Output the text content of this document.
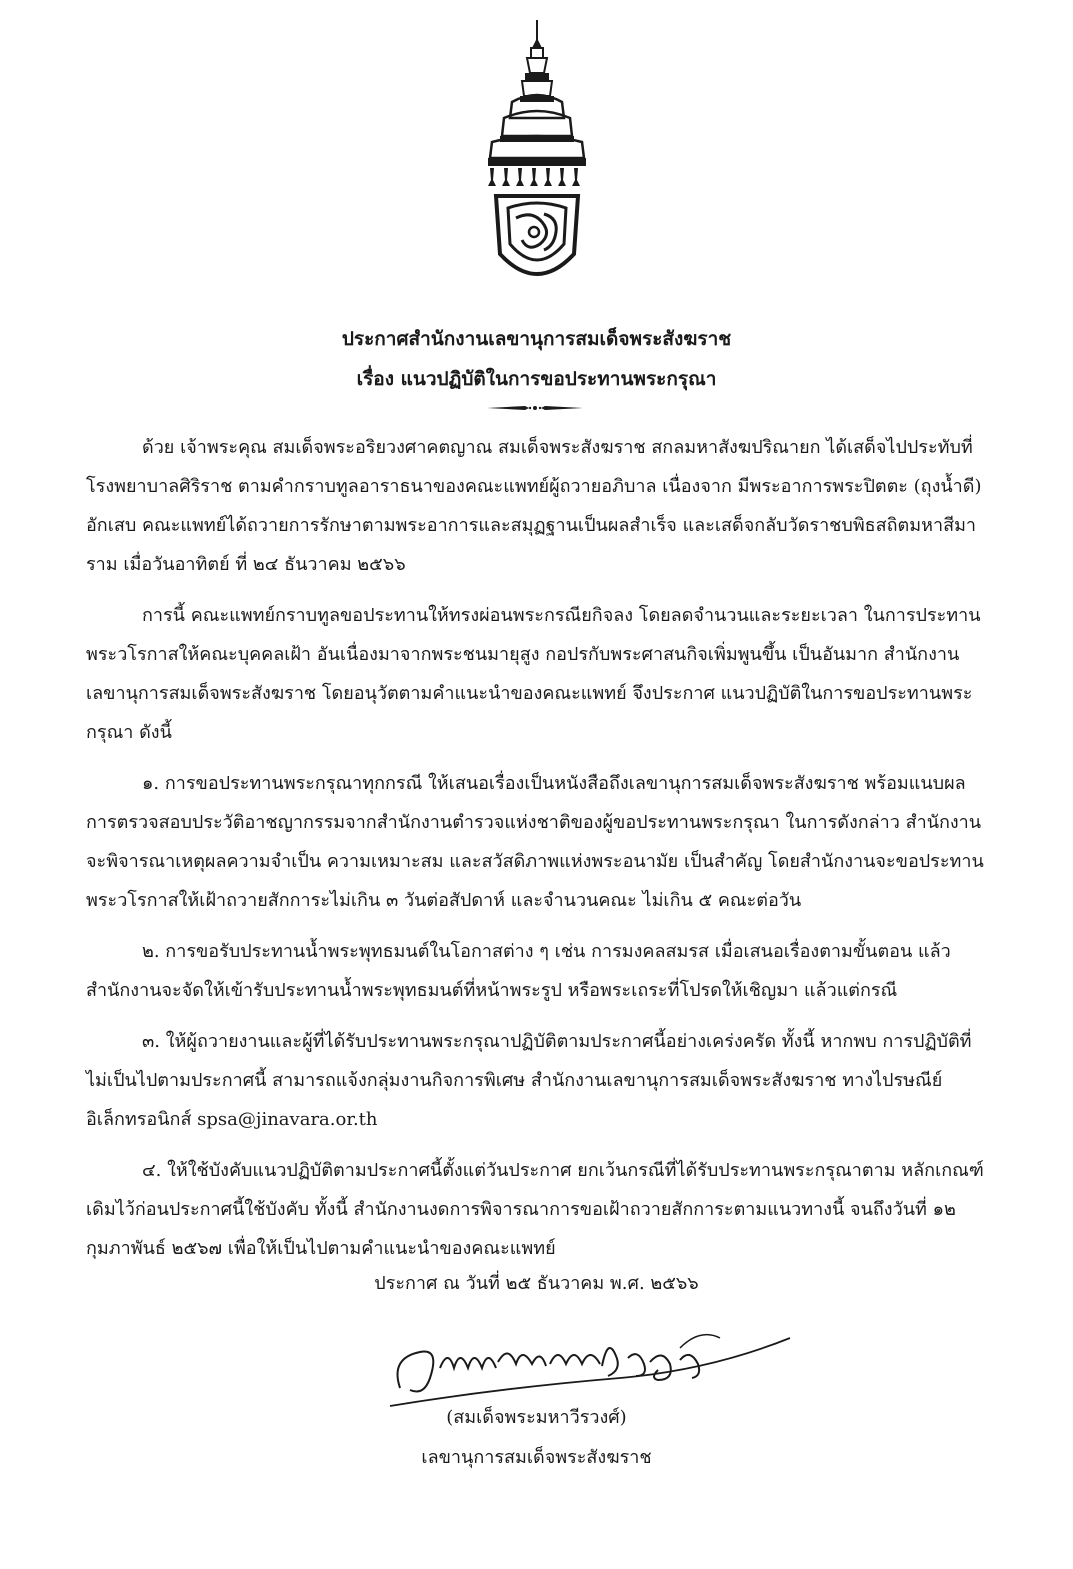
ประกาศสำนักงานเลขานุการสมเด็จพระสังฆราช
เรื่อง แนวปฏิบัติในการขอประทานพระกรุณา

ด้วย เจ้าพระคุณ สมเด็จพระอริยวงศาคตญาณ สมเด็จพระสังฆราช สกลมหาสังฆปริณายก ได้เสด็จไปประทับที่โรงพยาบาลศิริราช ตามคำกราบทูลอาราธนาของคณะแพทย์ผู้ถวายอภิบาล เนื่องจาก มีพระอาการพระปิตตะ (ถุงน้ำดี) อักเสบ คณะแพทย์ได้ถวายการรักษาตามพระอาการและสมุฏฐานเป็นผลสำเร็จ และเสด็จกลับวัดราชบพิธสถิตมหาสีมาราม เมื่อวันอาทิตย์ ที่ ๒๔ ธันวาคม ๒๕๖๖

การนี้ คณะแพทย์กราบทูลขอประทานให้ทรงผ่อนพระกรณียกิจลง โดยลดจำนวนและระยะเวลา ในการประทานพระวโรกาสให้คณะบุคคลเฝ้า อันเนื่องมาจากพระชนมายุสูง กอปรกับพระศาสนกิจเพิ่มพูนขึ้น เป็นอันมาก สำนักงานเลขานุการสมเด็จพระสังฆราช โดยอนุวัตตามคำแนะนำของคณะแพทย์ จึงประกาศ แนวปฏิบัติในการขอประทานพระกรุณา ดังนี้

๑. การขอประทานพระกรุณาทุกกรณี ให้เสนอเรื่องเป็นหนังสือถึงเลขานุการสมเด็จพระสังฆราช พร้อมแนบผลการตรวจสอบประวัติอาชญากรรมจากสำนักงานตำรวจแห่งชาติของผู้ขอประทานพระกรุณา ในการดังกล่าว สำนักงานจะพิจารณาเหตุผลความจำเป็น ความเหมาะสม และสวัสดิภาพแห่งพระอนามัย เป็นสำคัญ โดยสำนักงานจะขอประทานพระวโรกาสให้เฝ้าถวายสักการะไม่เกิน ๓ วันต่อสัปดาห์ และจำนวนคณะ ไม่เกิน ๕ คณะต่อวัน

๒. การขอรับประทานน้ำพระพุทธมนต์ในโอกาสต่าง ๆ เช่น การมงคลสมรส เมื่อเสนอเรื่องตามขั้นตอน แล้ว สำนักงานจะจัดให้เข้ารับประทานน้ำพระพุทธมนต์ที่หน้าพระรูป หรือพระเถระที่โปรดให้เชิญมา แล้วแต่กรณี

๓. ให้ผู้ถวายงานและผู้ที่ได้รับประทานพระกรุณาปฏิบัติตามประกาศนี้อย่างเคร่งครัด ทั้งนี้ หากพบ การปฏิบัติที่ไม่เป็นไปตามประกาศนี้ สามารถแจ้งกลุ่มงานกิจการพิเศษ สำนักงานเลขานุการสมเด็จพระสังฆราช ทางไปรษณีย์อิเล็กทรอนิกส์ spsa@jinavara.or.th

๔. ให้ใช้บังคับแนวปฏิบัติตามประกาศนี้ตั้งแต่วันประกาศ ยกเว้นกรณีที่ได้รับประทานพระกรุณาตาม หลักเกณฑ์เดิมไว้ก่อนประกาศนี้ใช้บังคับ ทั้งนี้ สำนักงานงดการพิจารณาการขอเฝ้าถวายสักการะตามแนวทางนี้ จนถึงวันที่ ๑๒ กุมภาพันธ์ ๒๕๖๗ เพื่อให้เป็นไปตามคำแนะนำของคณะแพทย์

ประกาศ ณ วันที่ ๒๕ ธันวาคม พ.ศ. ๒๕๖๖
(สมเด็จพระมหาวีรวงศ์)
เลขานุการสมเด็จพระสังฆราช
